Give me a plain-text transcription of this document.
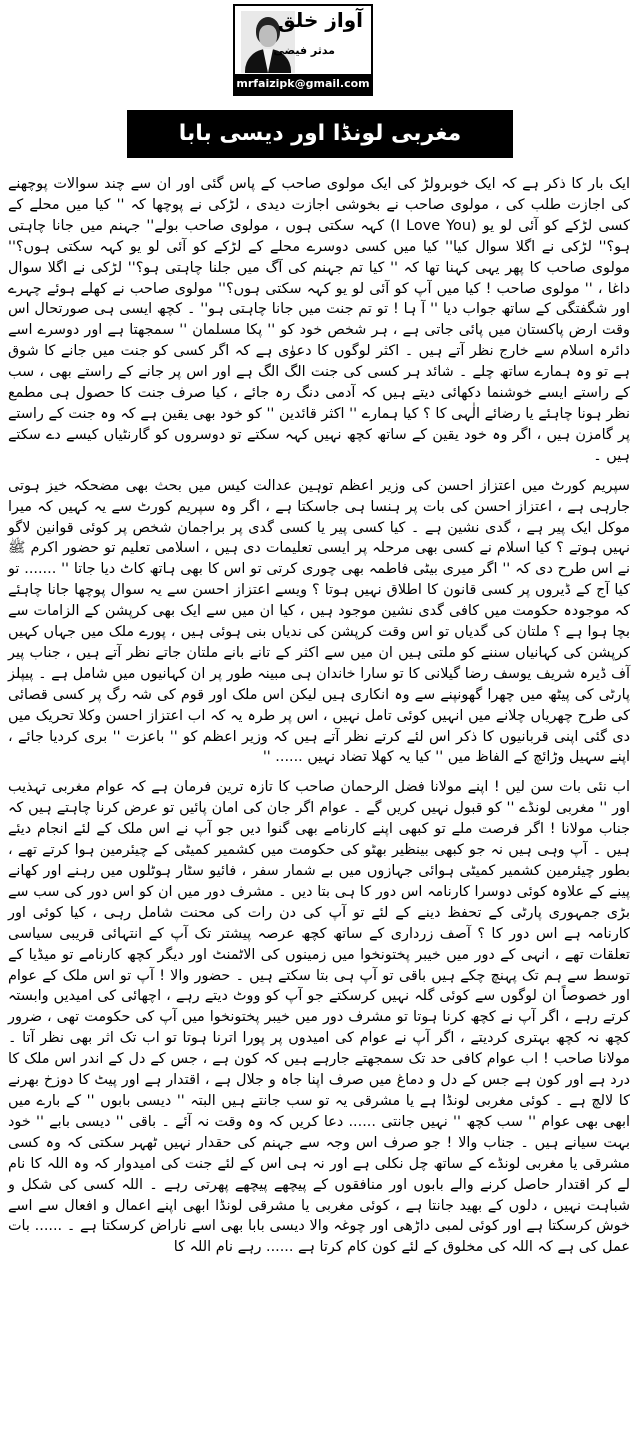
آواز خلق
مدثر فیضی
mrfaizipk@gmail.com
مغربی لونڈا اور دیسی بابا

ایک بار کا ذکر ہے کہ ایک خوبرولڑ کی ایک مولوی صاحب کے پاس گئی اور ان سے چند سوالات پوچھنے کی اجازت طلب کی ، مولوی صاحب نے بخوشی اجازت دیدی ، لڑکی نے پوچھا کہ '' کیا میں محلے کے کسی لڑکے کو آئی لو یو (I Love You) کہہ سکتی ہوں ، مولوی صاحب بولے'' جہنم میں جانا چاہتی ہو؟'' لڑکی نے اگلا سوال کیا'' کیا میں کسی دوسرے محلے کے لڑکے کو آئی لو یو کہہ سکتی ہوں؟'' مولوی صاحب کا پھر یہی کہنا تھا کہ '' کیا تم جہنم کی آگ میں جلنا چاہتی ہو؟'' لڑکی نے اگلا سوال داغا ، '' مولوی صاحب ! کیا میں آپ کو آئی لو یو کہہ سکتی ہوں؟'' مولوی صاحب نے کھلے ہوئے چہرے اور شگفتگی کے ساتھ جواب دیا '' آ ہا ! تو تم جنت میں جانا چاہتی ہو'' ۔ کچھ ایسی ہی صورتحال اس وقت ارض پاکستان میں پائی جاتی ہے ، ہر شخص خود کو '' پکا مسلمان '' سمجھتا ہے اور دوسرے اسے دائرہ اسلام سے خارج نظر آتے ہیں ۔ اکثر لوگوں کا دعوٰی ہے کہ اگر کسی کو جنت میں جانے کا شوق ہے تو وہ ہمارے ساتھ چلے ۔ شائد ہر کسی کی جنت الگ الگ ہے اور اس پر جانے کے راستے بھی ، سب کے راستے ایسے خوشنما دکھائی دیتے ہیں کہ آدمی دنگ رہ جائے ، کیا صرف جنت کا حصول ہی مطمع نظر ہونا چاہئے یا رضائے الٰہی کا ؟ کیا ہمارے '' اکثر قائدین '' کو خود بھی یقین ہے کہ وہ جنت کے راستے پر گامزن ہیں ، اگر وہ خود یقین کے ساتھ کچھ نہیں کہہ سکتے تو دوسروں کو گارنٹیاں کیسے دے سکتے ہیں ۔

سپریم کورٹ میں اعتزاز احسن کی وزیر اعظم توہین عدالت کیس میں بحث بھی مضحکہ خیز ہوتی جارہی ہے ، اعتزاز احسن کی بات پر ہنسا ہی جاسکتا ہے ، اگر وہ سپریم کورٹ سے یہ کہیں کہ میرا موکل ایک پیر ہے ، گدی نشین ہے ۔ کیا کسی پیر یا کسی گدی پر براجمان شخص پر کوئی قوانین لاگو نہیں ہوتے ؟ کیا اسلام نے کسی بھی مرحلہ پر ایسی تعلیمات دی ہیں ، اسلامی تعلیم تو حضور اکرم ﷺ نے اس طرح دی کہ '' اگر میری بیٹی فاطمہ بھی چوری کرتی تو اس کا بھی ہاتھ کاٹ دیا جاتا '' ....... تو کیا آج کے ڈیروں پر کسی قانون کا اطلاق نہیں ہوتا ؟ ویسے اعتزاز احسن سے یہ سوال پوچھا جانا چاہئے کہ موجودہ حکومت میں کافی گدی نشین موجود ہیں ، کیا ان میں سے ایک بھی کرپشن کے الزامات سے بچا ہوا ہے ؟ ملتان کی گدیاں تو اس وقت کرپشن کی ندیاں بنی ہوئی ہیں ، پورے ملک میں جہاں کہیں کرپشن کی کہانیاں سننے کو ملتی ہیں ان میں سے اکثر کے تانے بانے ملتان جاتے نظر آتے ہیں ، جناب پیر آف ڈیرہ شریف یوسف رضا گیلانی کا تو سارا خاندان ہی مبینہ طور پر ان کہانیوں میں شامل ہے ۔ پیپلز پارٹی کی پیٹھ میں چھرا گھونپنے سے وہ انکاری ہیں لیکن اس ملک اور قوم کی شہ رگ پر کسی قصائی کی طرح چھریاں چلانے میں انہیں کوئی تامل نہیں ، اس پر طرہ یہ کہ اب اعتزاز احسن وکلا تحریک میں دی گئی اپنی قربانیوں کا ذکر اس لئے کرتے نظر آتے ہیں کہ وزیر اعظم کو '' باعزت '' بری کردیا جائے ، اپنے سہیل وڑائچ کے الفاظ میں '' کیا یہ کھلا تضاد نہیں ...... ''

اب نئی بات سن لیں ! اپنے مولانا فضل الرحمان صاحب کا تازہ ترین فرمان ہے کہ عوام مغربی تہذیب اور '' مغربی لونڈے '' کو قبول نہیں کریں گے ۔ عوام اگر جان کی امان پائیں تو عرض کرنا چاہتے ہیں کہ جناب مولانا ! اگر فرصت ملے تو کبھی اپنے کارنامے بھی گنوا دیں جو آپ نے اس ملک کے لئے انجام دیئے ہیں ۔ آپ وہی ہیں نہ جو کبھی بینظیر بھٹو کی حکومت میں کشمیر کمیٹی کے چیئرمین ہوا کرتے تھے ، بطور چیئرمین کشمیر کمیٹی ہوائی جہازوں میں بے شمار سفر ، فائیو سٹار ہوٹلوں میں رہنے اور کھانے پینے کے علاوہ کوئی دوسرا کارنامہ اس دور کا ہی بتا دیں ۔ مشرف دور میں ان کو اس دور کی سب سے بڑی جمہوری پارٹی کے تحفظ دینے کے لئے تو آپ کی دن رات کی محنت شامل رہی ، کیا کوئی اور کارنامہ ہے اس دور کا ؟ آصف زرداری کے ساتھ کچھ عرصہ پیشتر تک آپ کے انتہائی قریبی سیاسی تعلقات تھے ، انہی کے دور میں خیبر پختونخوا میں زمینوں کی الاٹمنٹ اور دیگر کچھ کارنامے تو میڈیا کے توسط سے ہم تک پہنچ چکے ہیں باقی تو آپ ہی بتا سکتے ہیں ۔ حضور والا ! آپ تو اس ملک کے عوام اور خصوصاً ان لوگوں سے کوئی گلہ نہیں کرسکتے جو آپ کو ووٹ دیتے رہے ، اچھائی کی امیدیں وابستہ کرتے رہے ، اگر آپ نے کچھ کرنا ہوتا تو مشرف دور میں خیبر پختونخوا میں آپ کی حکومت تھی ، ضرور کچھ نہ کچھ بہتری کردیتے ، اگر آپ نے عوام کی امیدوں پر پورا اترنا ہوتا تو اب تک اثر بھی نظر آتا ۔ مولانا صاحب ! اب عوام کافی حد تک سمجھتے جارہے ہیں کہ کون ہے ، جس کے دل کے اندر اس ملک کا درد ہے اور کون ہے جس کے دل و دماغ میں صرف اپنا جاہ و جلال ہے ، اقتدار ہے اور پیٹ کا دوزخ بھرنے کا لالچ ہے ۔ کوئی مغربی لونڈا ہے یا مشرقی یہ تو سب جانتے ہیں البتہ '' دیسی بابوں '' کے بارے میں ابھی بھی عوام '' سب کچھ '' نہیں جانتی ...... دعا کریں کہ وہ وقت نہ آئے ۔ باقی '' دیسی بابے '' خود بہت سیانے ہیں ۔ جناب والا ! جو صرف اس وجہ سے جہنم کی حقدار نہیں ٹھہر سکتی کہ وہ کسی مشرقی یا مغربی لونڈے کے ساتھ چل نکلی ہے اور نہ ہی اس کے لئے جنت کی امیدوار کہ وہ اللہ کا نام لے کر اقتدار حاصل کرنے والے بابوں اور منافقوں کے پیچھے پیچھے پھرتی رہے ۔ اللہ کسی کی شکل و شباہت نہیں ، دلوں کے بھید جانتا ہے ، کوئی مغربی یا مشرقی لونڈا ابھی اپنے اعمال و افعال سے اسے خوش کرسکتا ہے اور کوئی لمبی داڑھی اور چوغہ والا دیسی بابا بھی اسے ناراض کرسکتا ہے ۔ ...... بات عمل کی ہے کہ اللہ کی مخلوق کے لئے کون کام کرتا ہے ...... رہے نام اللہ کا
